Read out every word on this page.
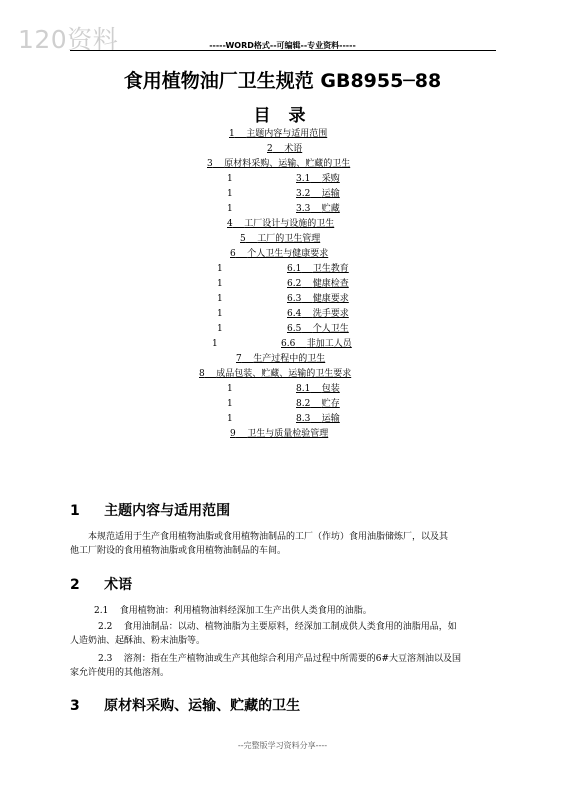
120资料	-----WORD格式--可编辑--专业资料-----
食用植物油厂卫生规范 GB8955─88
目 录
1 主题内容与适用范围
2 术语
3 原材料采购、运输、贮藏的卫生
1	3.1 采购
1	3.2 运输
1	3.3 贮藏
4 工厂设计与设施的卫生
5 工厂的卫生管理
6 个人卫生与健康要求
1	6.1 卫生教育
1	6.2 健康检查
1	6.3 健康要求
1	6.4 洗手要求
1	6.5 个人卫生
1	6.6 非加工人员
7 生产过程中的卫生
8 成品包装、贮藏、运输的卫生要求
1	8.1 包装
1	8.2 贮存
1	8.3 运输
9 卫生与质量检验管理
1 主题内容与适用范围
本规范适用于生产食用植物油脂或食用植物油制品的工厂（作坊）食用油脂储炼厂，以及其
他工厂附设的食用植物油脂或食用植物油制品的车间。
2 术语
2.1 食用植物油：利用植物油料经深加工生产出供人类食用的油脂。
2.2 食用油制品：以动、植物油脂为主要原料，经深加工制成供人类食用的油脂用品，如
人造奶油、起酥油、粉末油脂等。
2.3 溶剂：指在生产植物油或生产其他综合利用产品过程中所需要的6#大豆溶剂油以及国
家允许使用的其他溶剂。
3 原材料采购、运输、贮藏的卫生
--完整版学习资料分享----
